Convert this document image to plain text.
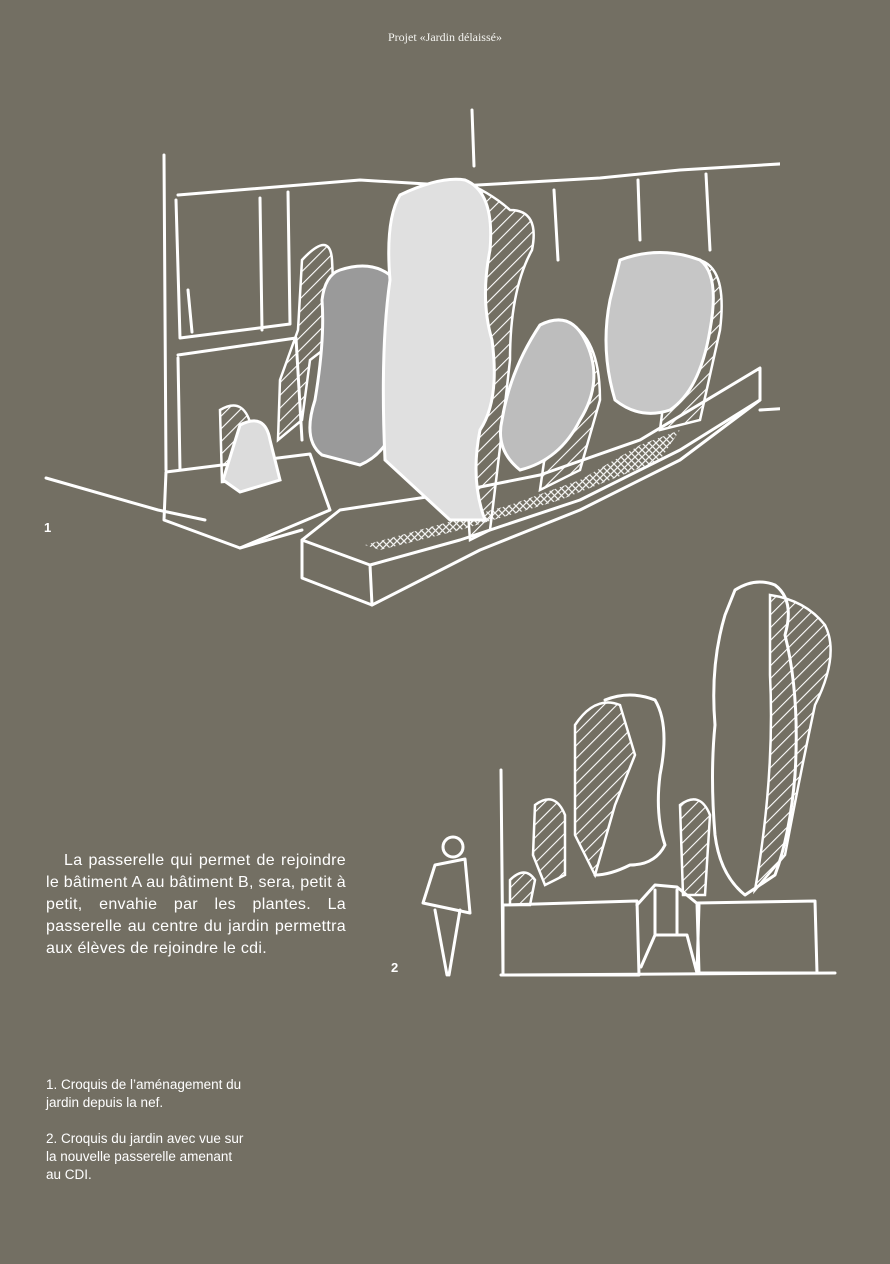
Projet «Jardin délaissé»
1
2
La passerelle qui permet de rejoindre le bâtiment A au bâtiment B, sera, petit à petit, envahie par les plantes. La passerelle au centre du jardin permettra aux élèves de rejoindre le cdi.

1. Croquis de l’aménagement du jardin depuis la nef.

2. Croquis du jardin avec vue sur la nouvelle passerelle amenant au CDI.
